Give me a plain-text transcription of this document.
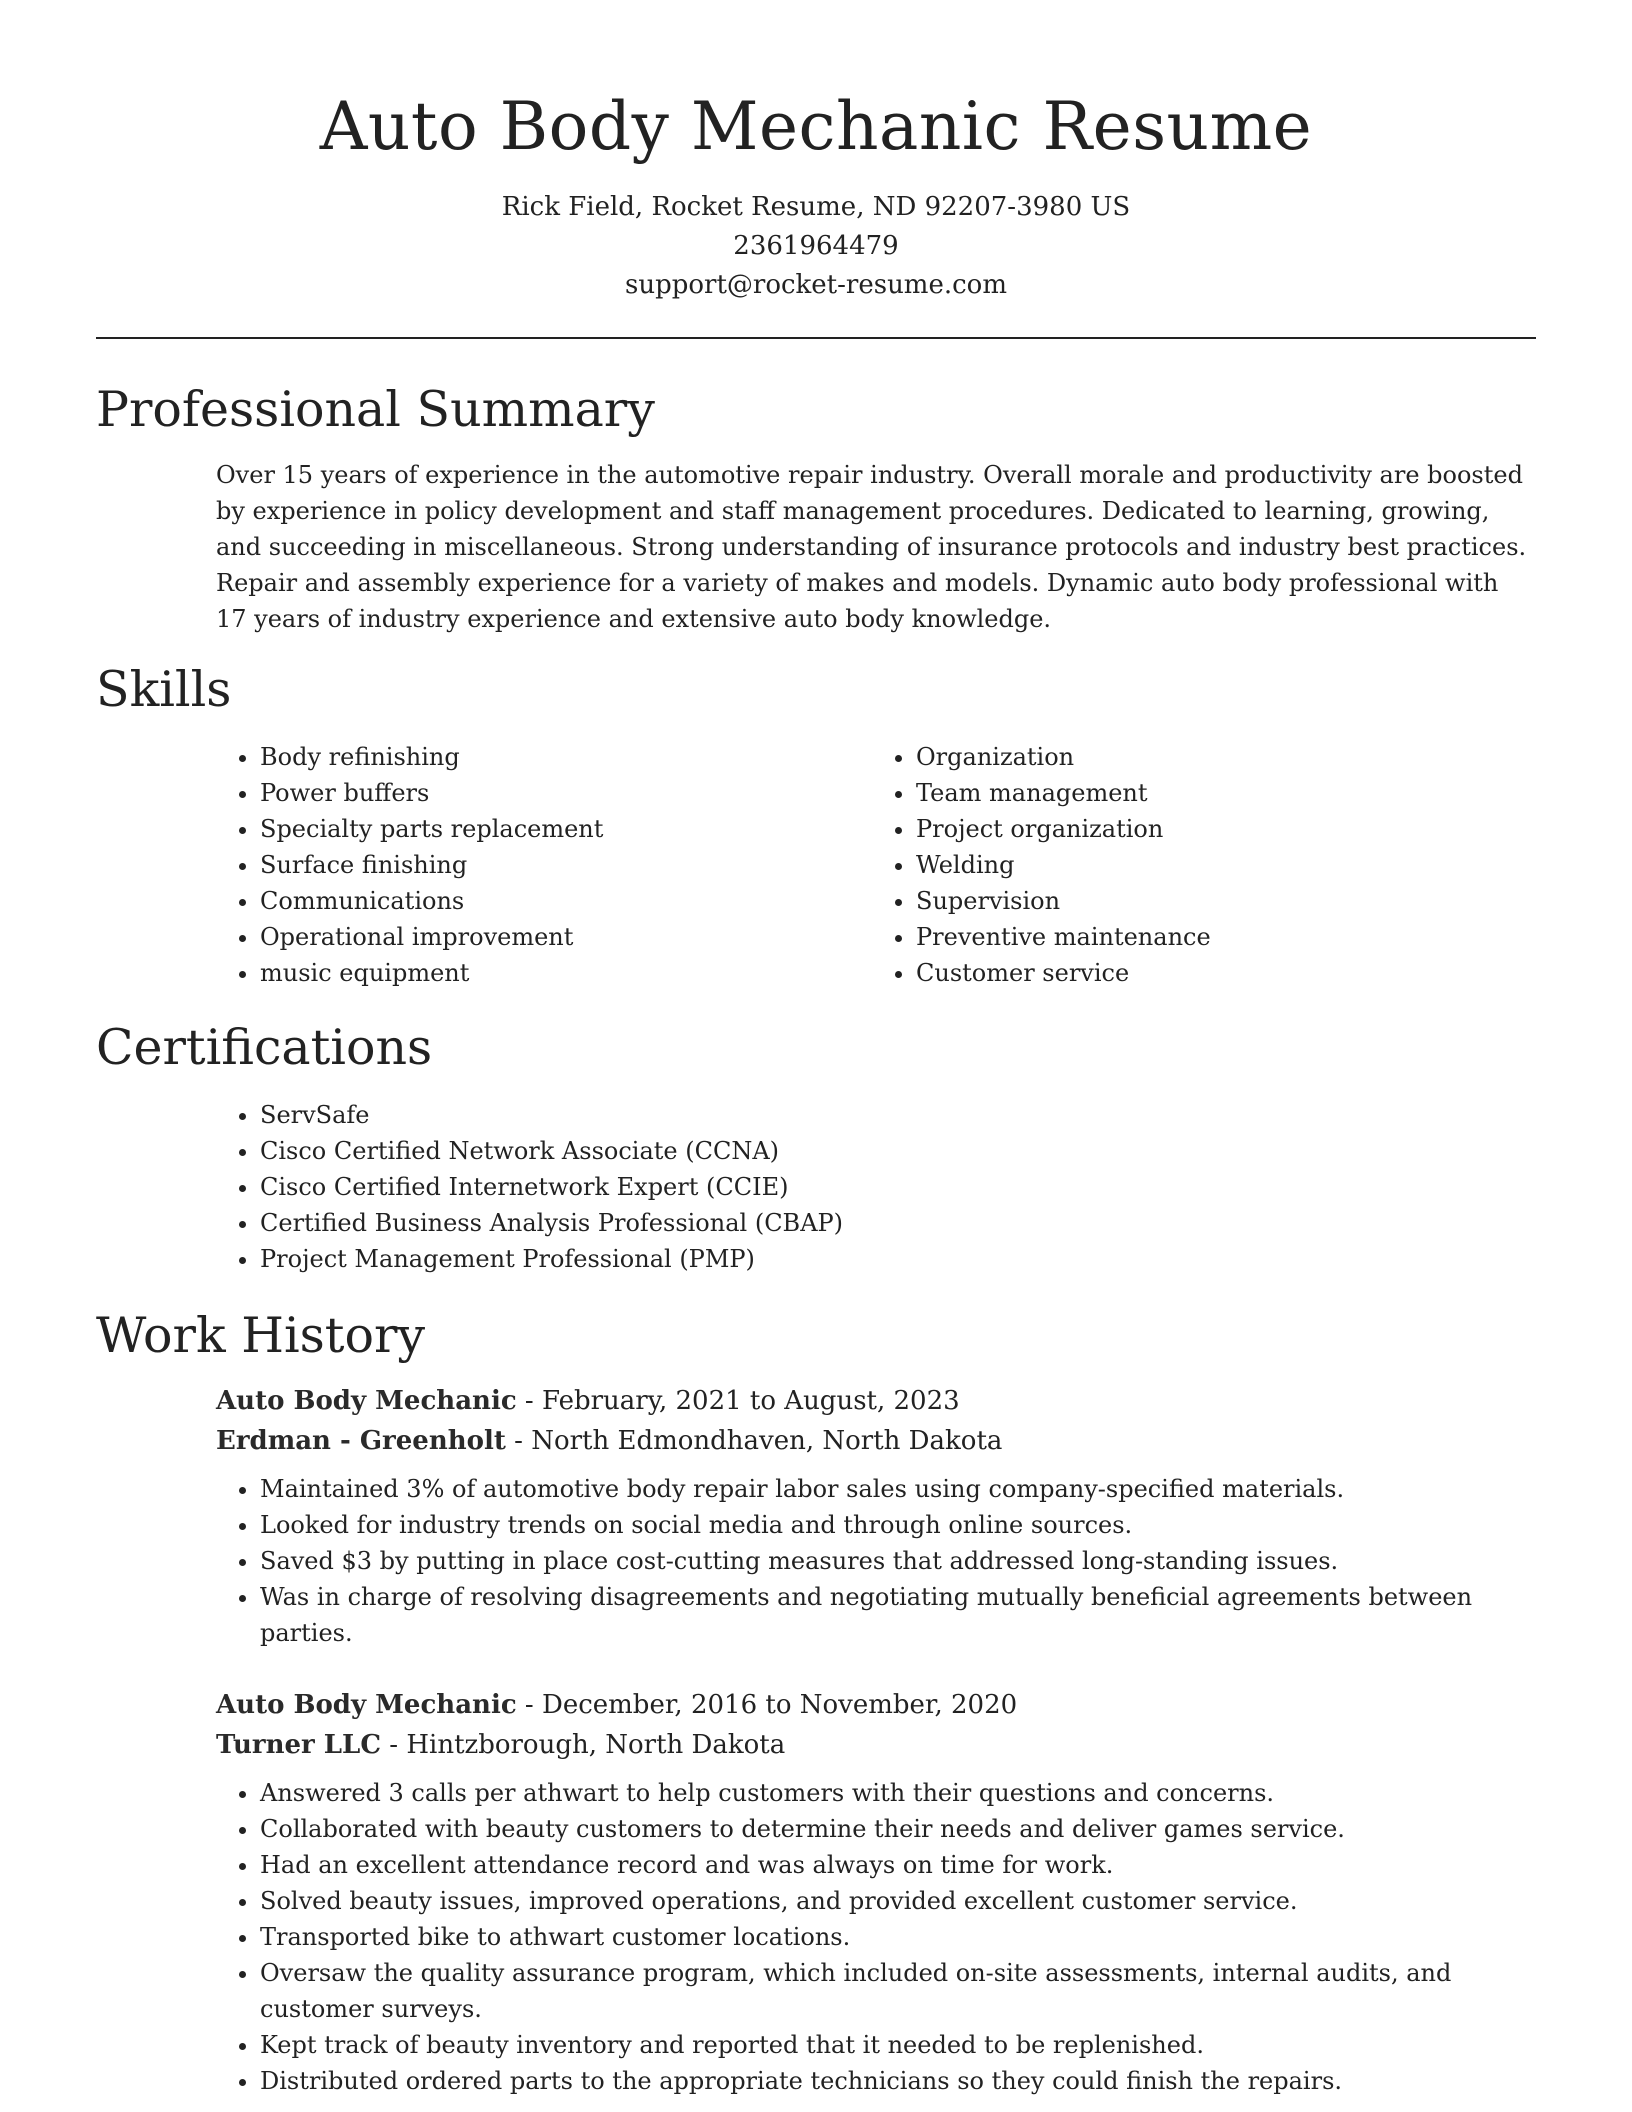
Auto Body Mechanic Resume
Rick Field, Rocket Resume, ND 92207-3980 US
2361964479
support@rocket-resume.com
Professional Summary

Over 15 years of experience in the automotive repair industry. Overall morale and productivity are boosted by experience in policy development and staff management procedures. Dedicated to learning, growing, and succeeding in miscellaneous. Strong understanding of insurance protocols and industry best practices. Repair and assembly experience for a variety of makes and models. Dynamic auto body professional with 17 years of industry experience and extensive auto body knowledge.

Skills
• Body refinishing
• Power buffers
• Specialty parts replacement
• Surface finishing
• Communications
• Operational improvement
• music equipment
• Organization
• Team management
• Project organization
• Welding
• Supervision
• Preventive maintenance
• Customer service
Certifications
• ServSafe
• Cisco Certified Network Associate (CCNA)
• Cisco Certified Internetwork Expert (CCIE)
• Certified Business Analysis Professional (CBAP)
• Project Management Professional (PMP)
Work History
Auto Body Mechanic - February, 2021 to August, 2023
Erdman - Greenholt - North Edmondhaven, North Dakota
• Maintained 3% of automotive body repair labor sales using company-specified materials.
• Looked for industry trends on social media and through online sources.
• Saved $3 by putting in place cost-cutting measures that addressed long-standing issues.
• Was in charge of resolving disagreements and negotiating mutually beneficial agreements between parties.
Auto Body Mechanic - December, 2016 to November, 2020
Turner LLC - Hintzborough, North Dakota
• Answered 3 calls per athwart to help customers with their questions and concerns.
• Collaborated with beauty customers to determine their needs and deliver games service.
• Had an excellent attendance record and was always on time for work.
• Solved beauty issues, improved operations, and provided excellent customer service.
• Transported bike to athwart customer locations.
• Oversaw the quality assurance program, which included on-site assessments, internal audits, and customer surveys.
• Kept track of beauty inventory and reported that it needed to be replenished.
• Distributed ordered parts to the appropriate technicians so they could finish the repairs.
